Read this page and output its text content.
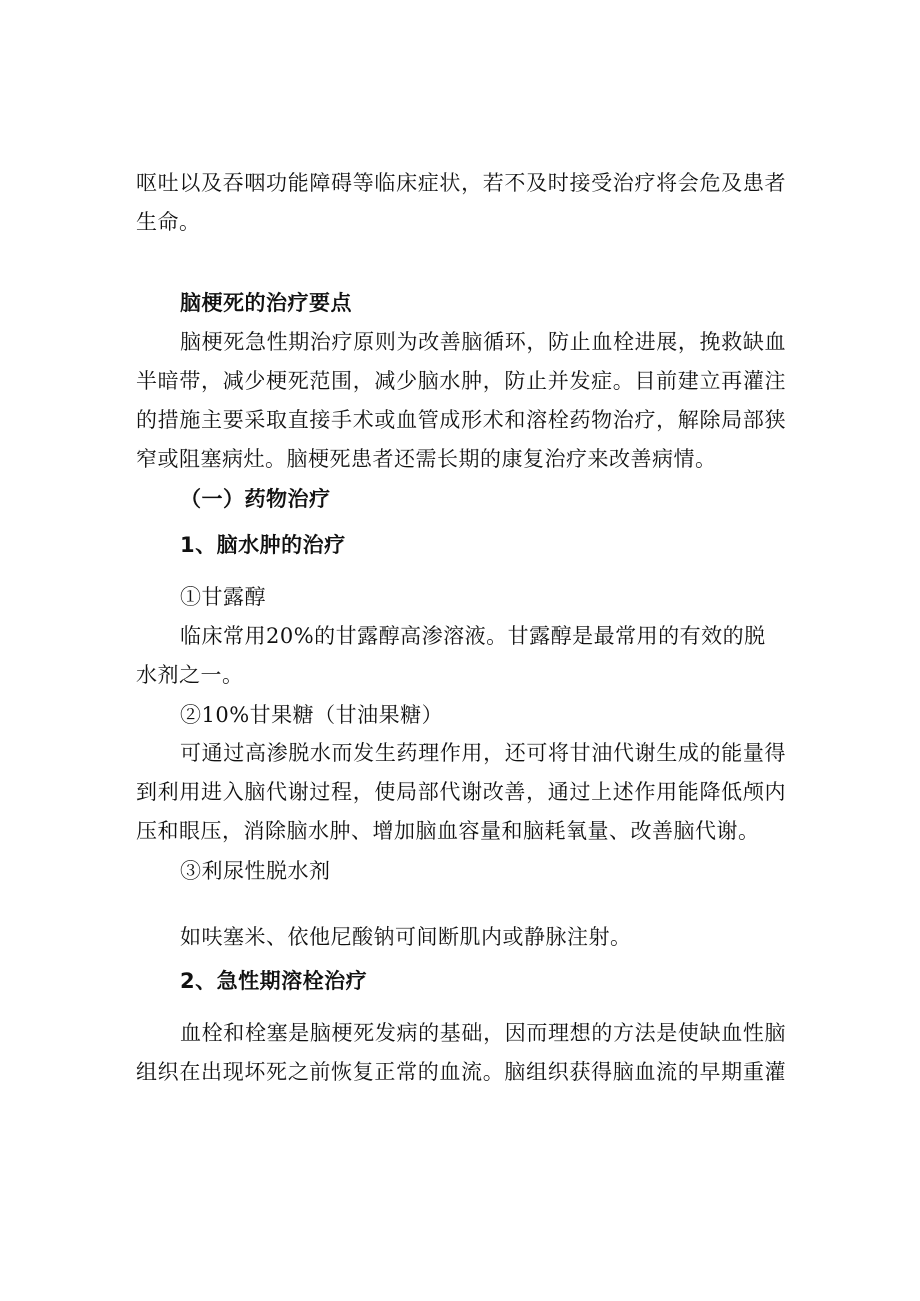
呕吐以及吞咽功能障碍等临床症状，若不及时接受治疗将会危及患者
生命。
脑梗死的治疗要点
脑梗死急性期治疗原则为改善脑循环，防止血栓进展，挽救缺血
半暗带，减少梗死范围，减少脑水肿，防止并发症。目前建立再灌注
的措施主要采取直接手术或血管成形术和溶栓药物治疗，解除局部狭
窄或阻塞病灶。脑梗死患者还需长期的康复治疗来改善病情。
（一）药物治疗
1、脑水肿的治疗
①甘露醇
临床常用20%的甘露醇高渗溶液。甘露醇是最常用的有效的脱
水剂之一。
②10%甘果糖（甘油果糖）
可通过高渗脱水而发生药理作用，还可将甘油代谢生成的能量得
到利用进入脑代谢过程，使局部代谢改善，通过上述作用能降低颅内
压和眼压，消除脑水肿、增加脑血容量和脑耗氧量、改善脑代谢。
③利尿性脱水剂
如呋塞米、依他尼酸钠可间断肌内或静脉注射。
2、急性期溶栓治疗
血栓和栓塞是脑梗死发病的基础，因而理想的方法是使缺血性脑
组织在出现坏死之前恢复正常的血流。脑组织获得脑血流的早期重灌
